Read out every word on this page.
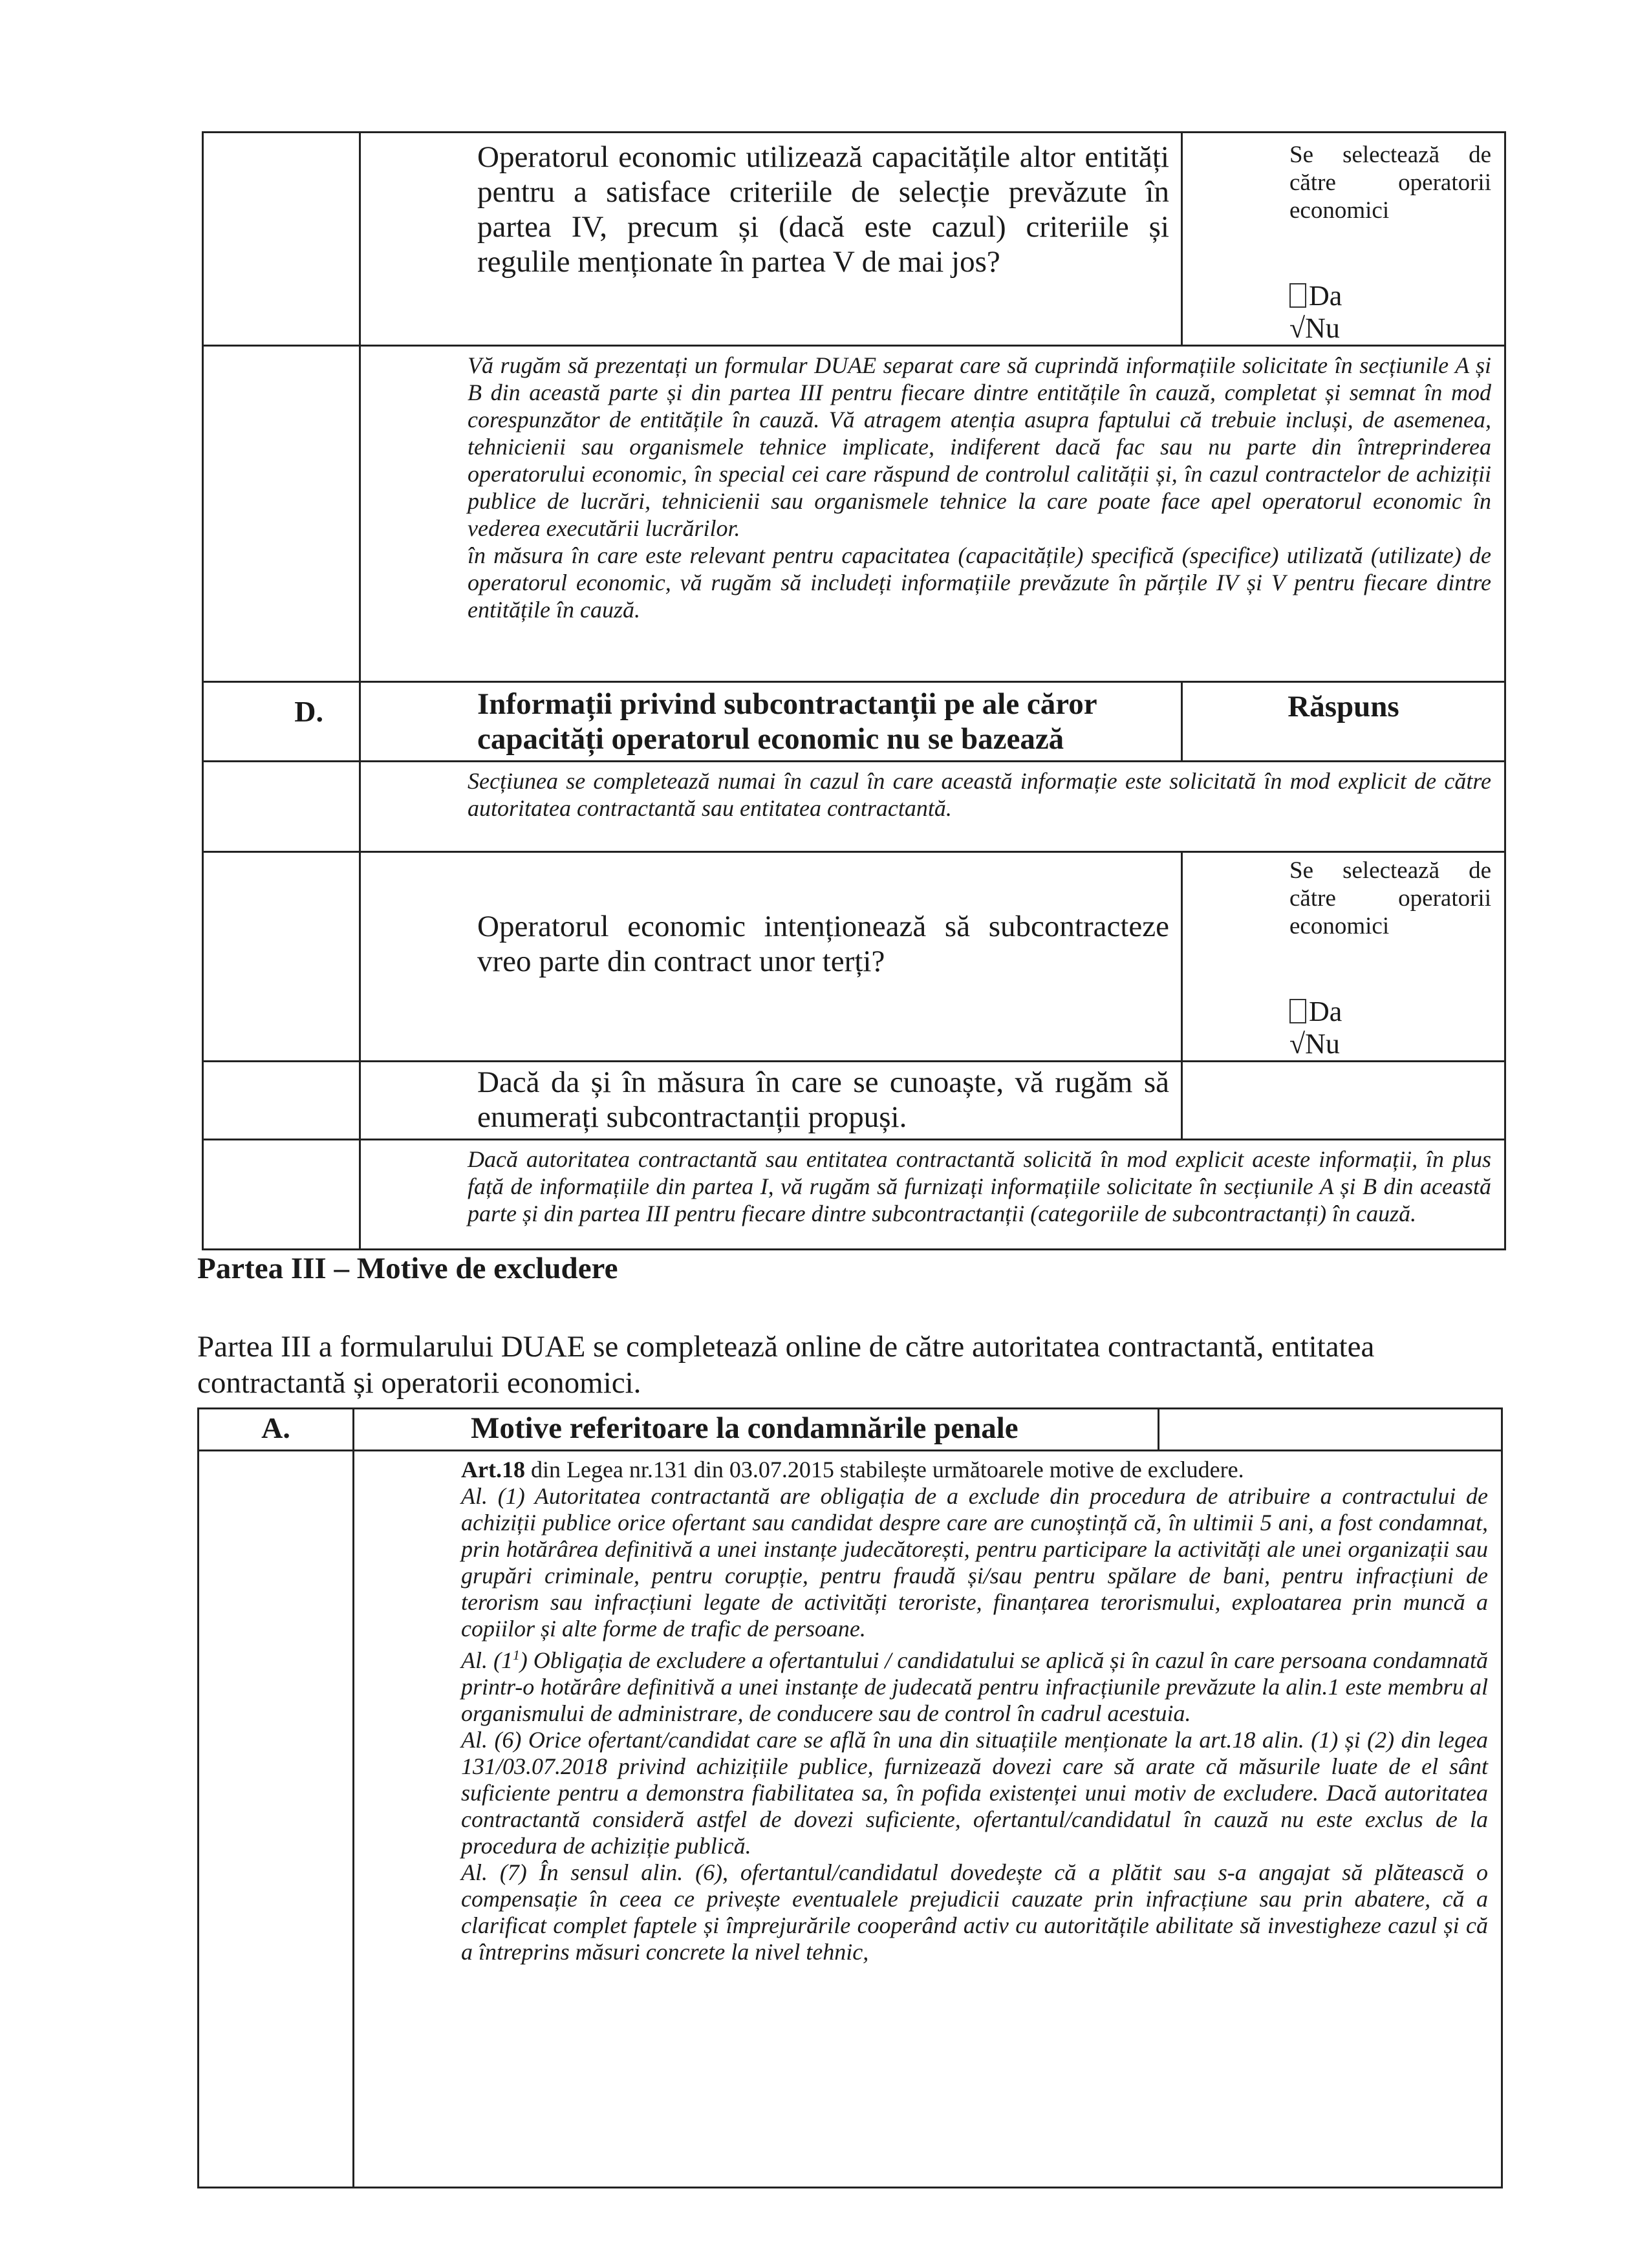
	Operatorul economic utilizează capacitățile altor entități pentru a satisface criteriile de selecție prevăzute în partea IV, precum și (dacă este cazul) criteriile și regulile menționate în partea V de mai jos?	
Se selectează de către operatorii economici
Da
√Nu

	Vă rugăm să prezentați un formular DUAE separat care să cuprindă informațiile solicitate în secțiunile A și B din această parte și din partea III pentru fiecare dintre entitățile în cauză, completat și semnat în mod corespunzător de entitățile în cauză. Vă atragem atenția asupra faptului că trebuie incluși, de asemenea, tehnicienii sau organismele tehnice implicate, indiferent dacă fac sau nu parte din întreprinderea operatorului economic, în special cei care răspund de controlul calității și, în cazul contractelor de achiziții publice de lucrări, tehnicienii sau organismele tehnice la care poate face apel operatorul economic în vederea executării lucrărilor.
în măsura în care este relevant pentru capacitatea (capacitățile) specifică (specifice) utilizată (utilizate) de operatorul economic, vă rugăm să includeți informațiile prevăzute în părțile IV și V pentru fiecare dintre entitățile în cauză.	

D.	Informații privind subcontractanții pe ale căror capacități operatorul economic nu se bazează	Răspuns
	Secțiunea se completează numai în cazul în care această informație este solicitată în mod explicit de către autoritatea contractantă sau entitatea contractantă.	
	Operatorul economic intenționează să subcontracteze vreo parte din contract unor terți?	Se selectează de către operatorii economici
Da
√Nu

	Dacă da și în măsura în care se cunoaște, vă rugăm să enumerați subcontractanții propuși.	
	Dacă autoritatea contractantă sau entitatea contractantă solicită în mod explicit aceste informații, în plus față de informațiile din partea I, vă rugăm să furnizați informațiile solicitate în secțiunile A și B din această parte și din partea III pentru fiecare dintre subcontractanții (categoriile de subcontractanți) în cauză.	
Partea III – Motive de excludere
Partea III a formularului DUAE se completează online de către autoritatea contractantă, entitatea contractantă și operatorii economici.
A.	Motive referitoare la condamnările penale	

	Art.18 din Legea nr.131 din 03.07.2015 stabilește următoarele motive de excludere.

Al. (1) Autoritatea contractantă are obligația de a exclude din procedura de atribuire a contractului de achiziții publice orice ofertant sau candidat despre care are cunoștință că, în ultimii 5 ani, a fost condamnat, prin hotărârea definitivă a unei instanțe judecătorești, pentru participare la activități ale unei organizații sau grupări criminale, pentru corupție, pentru fraudă și/sau pentru spălare de bani, pentru infracțiuni de terorism sau infracțiuni legate de activități teroriste, finanțarea terorismului, exploatarea prin muncă a copiilor și alte forme de trafic de persoane.

Al. $(1^1)$ Obligația de excludere a ofertantului / candidatului se aplică și în cazul în care persoana condamnată printr-o hotărâre definitivă a unei instanțe de judecată pentru infracțiunile prevăzute la alin.1 este membru al organismului de administrare, de conducere sau de control în cadrul acestuia.

Al. (6) Orice ofertant/candidat care se află în una din situațiile menționate la art.18 alin. (1) și (2) din legea 131/03.07.2018 privind achizițiile publice, furnizează dovezi care să arate că măsurile luate de el sânt suficiente pentru a demonstra fiabilitatea sa, în pofida existenței unui motiv de excludere. Dacă autoritatea contractantă consideră astfel de dovezi suficiente, ofertantul/candidatul în cauză nu este exclus de la procedura de achiziție publică.

Al. (7) În sensul alin. (6), ofertantul/candidatul dovedește că a plătit sau s-a angajat să plătească o compensație în ceea ce privește eventualele prejudicii cauzate prin infracțiune sau prin abatere, că a clarificat complet faptele și împrejurările cooperând activ cu autoritățile abilitate să investigheze cazul și că a întreprins măsuri concrete la nivel tehnic,	
